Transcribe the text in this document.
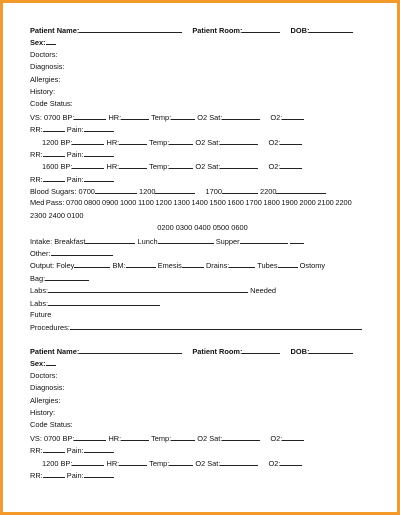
Patient Name:	Patient Room:	DOB:
Sex:
Doctors:
Diagnosis:
Allergies:
History:
Code Status:
VS: 0700 BP:	HR:	Temp:	O2 Sat:	O2:
RR:	Pain:
1200 BP:	HR:	Temp:	O2 Sat:	O2:
RR:	Pain:
1600 BP:	HR:	Temp:	O2 Sat:	O2:
RR:	Pain:
Blood Sugars: 0700	1200	1700	2200
Med Pass: 0700 0800 0900 1000 1100 1200 1300 1400 1500 1600 1700 1800 1900 2000 2100 2200
2300 2400 0100
0200 0300 0400 0500 0600
Intake: Breakfast	Lunch	Supper
Other:
Output: Foley	BM:	Emesis	Drains:	Tubes	Ostomy
Bag:
Labs:	Needed
Labs:
Future
Procedures:
Patient Name:	Patient Room:	DOB:
Sex:
Doctors:
Diagnosis:
Allergies:
History:
Code Status:
VS: 0700 BP:	HR:	Temp:	O2 Sat:	O2:
RR:	Pain:
1200 BP:	HR:	Temp:	O2 Sat:	O2:
RR:	Pain:
